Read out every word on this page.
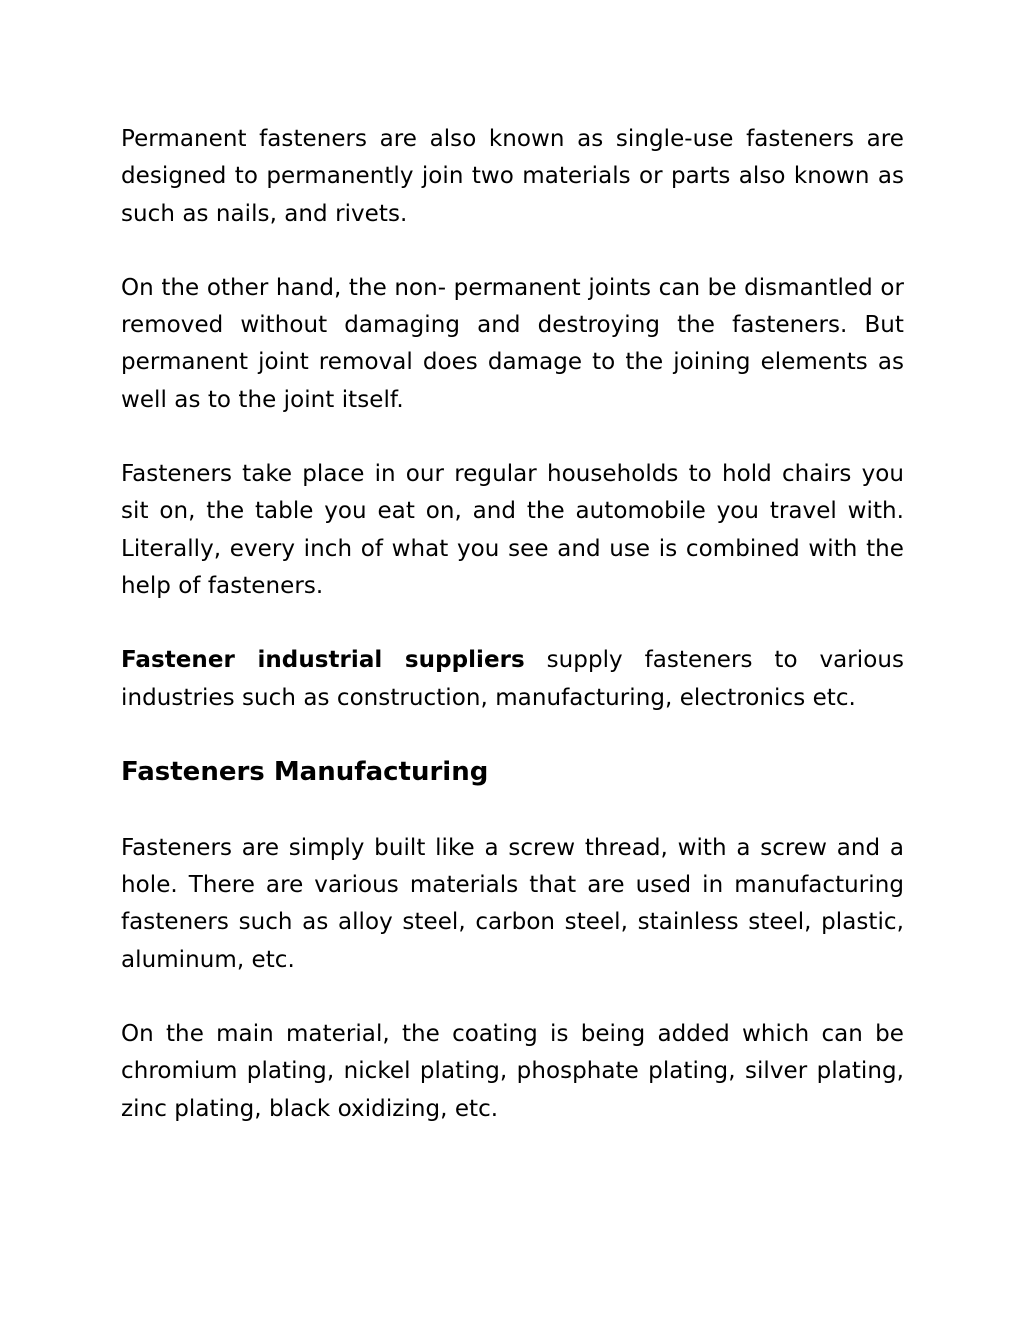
Permanent fasteners are also known as single-use fasteners are designed to permanently join two materials or parts also known as such as nails, and rivets.

On the other hand, the non- permanent joints can be dismantled or removed without damaging and destroying the fasteners. But permanent joint removal does damage to the joining elements as well as to the joint itself.

Fasteners take place in our regular households to hold chairs you sit on, the table you eat on, and the automobile you travel with. Literally, every inch of what you see and use is combined with the help of fasteners.

Fastener industrial suppliers supply fasteners to various industries such as construction, manufacturing, electronics etc.

Fasteners Manufacturing

Fasteners are simply built like a screw thread, with a screw and a hole. There are various materials that are used in manufacturing fasteners such as alloy steel, carbon steel, stainless steel, plastic, aluminum, etc.

On the main material, the coating is being added which can be chromium plating, nickel plating, phosphate plating, silver plating, zinc plating, black oxidizing, etc.
